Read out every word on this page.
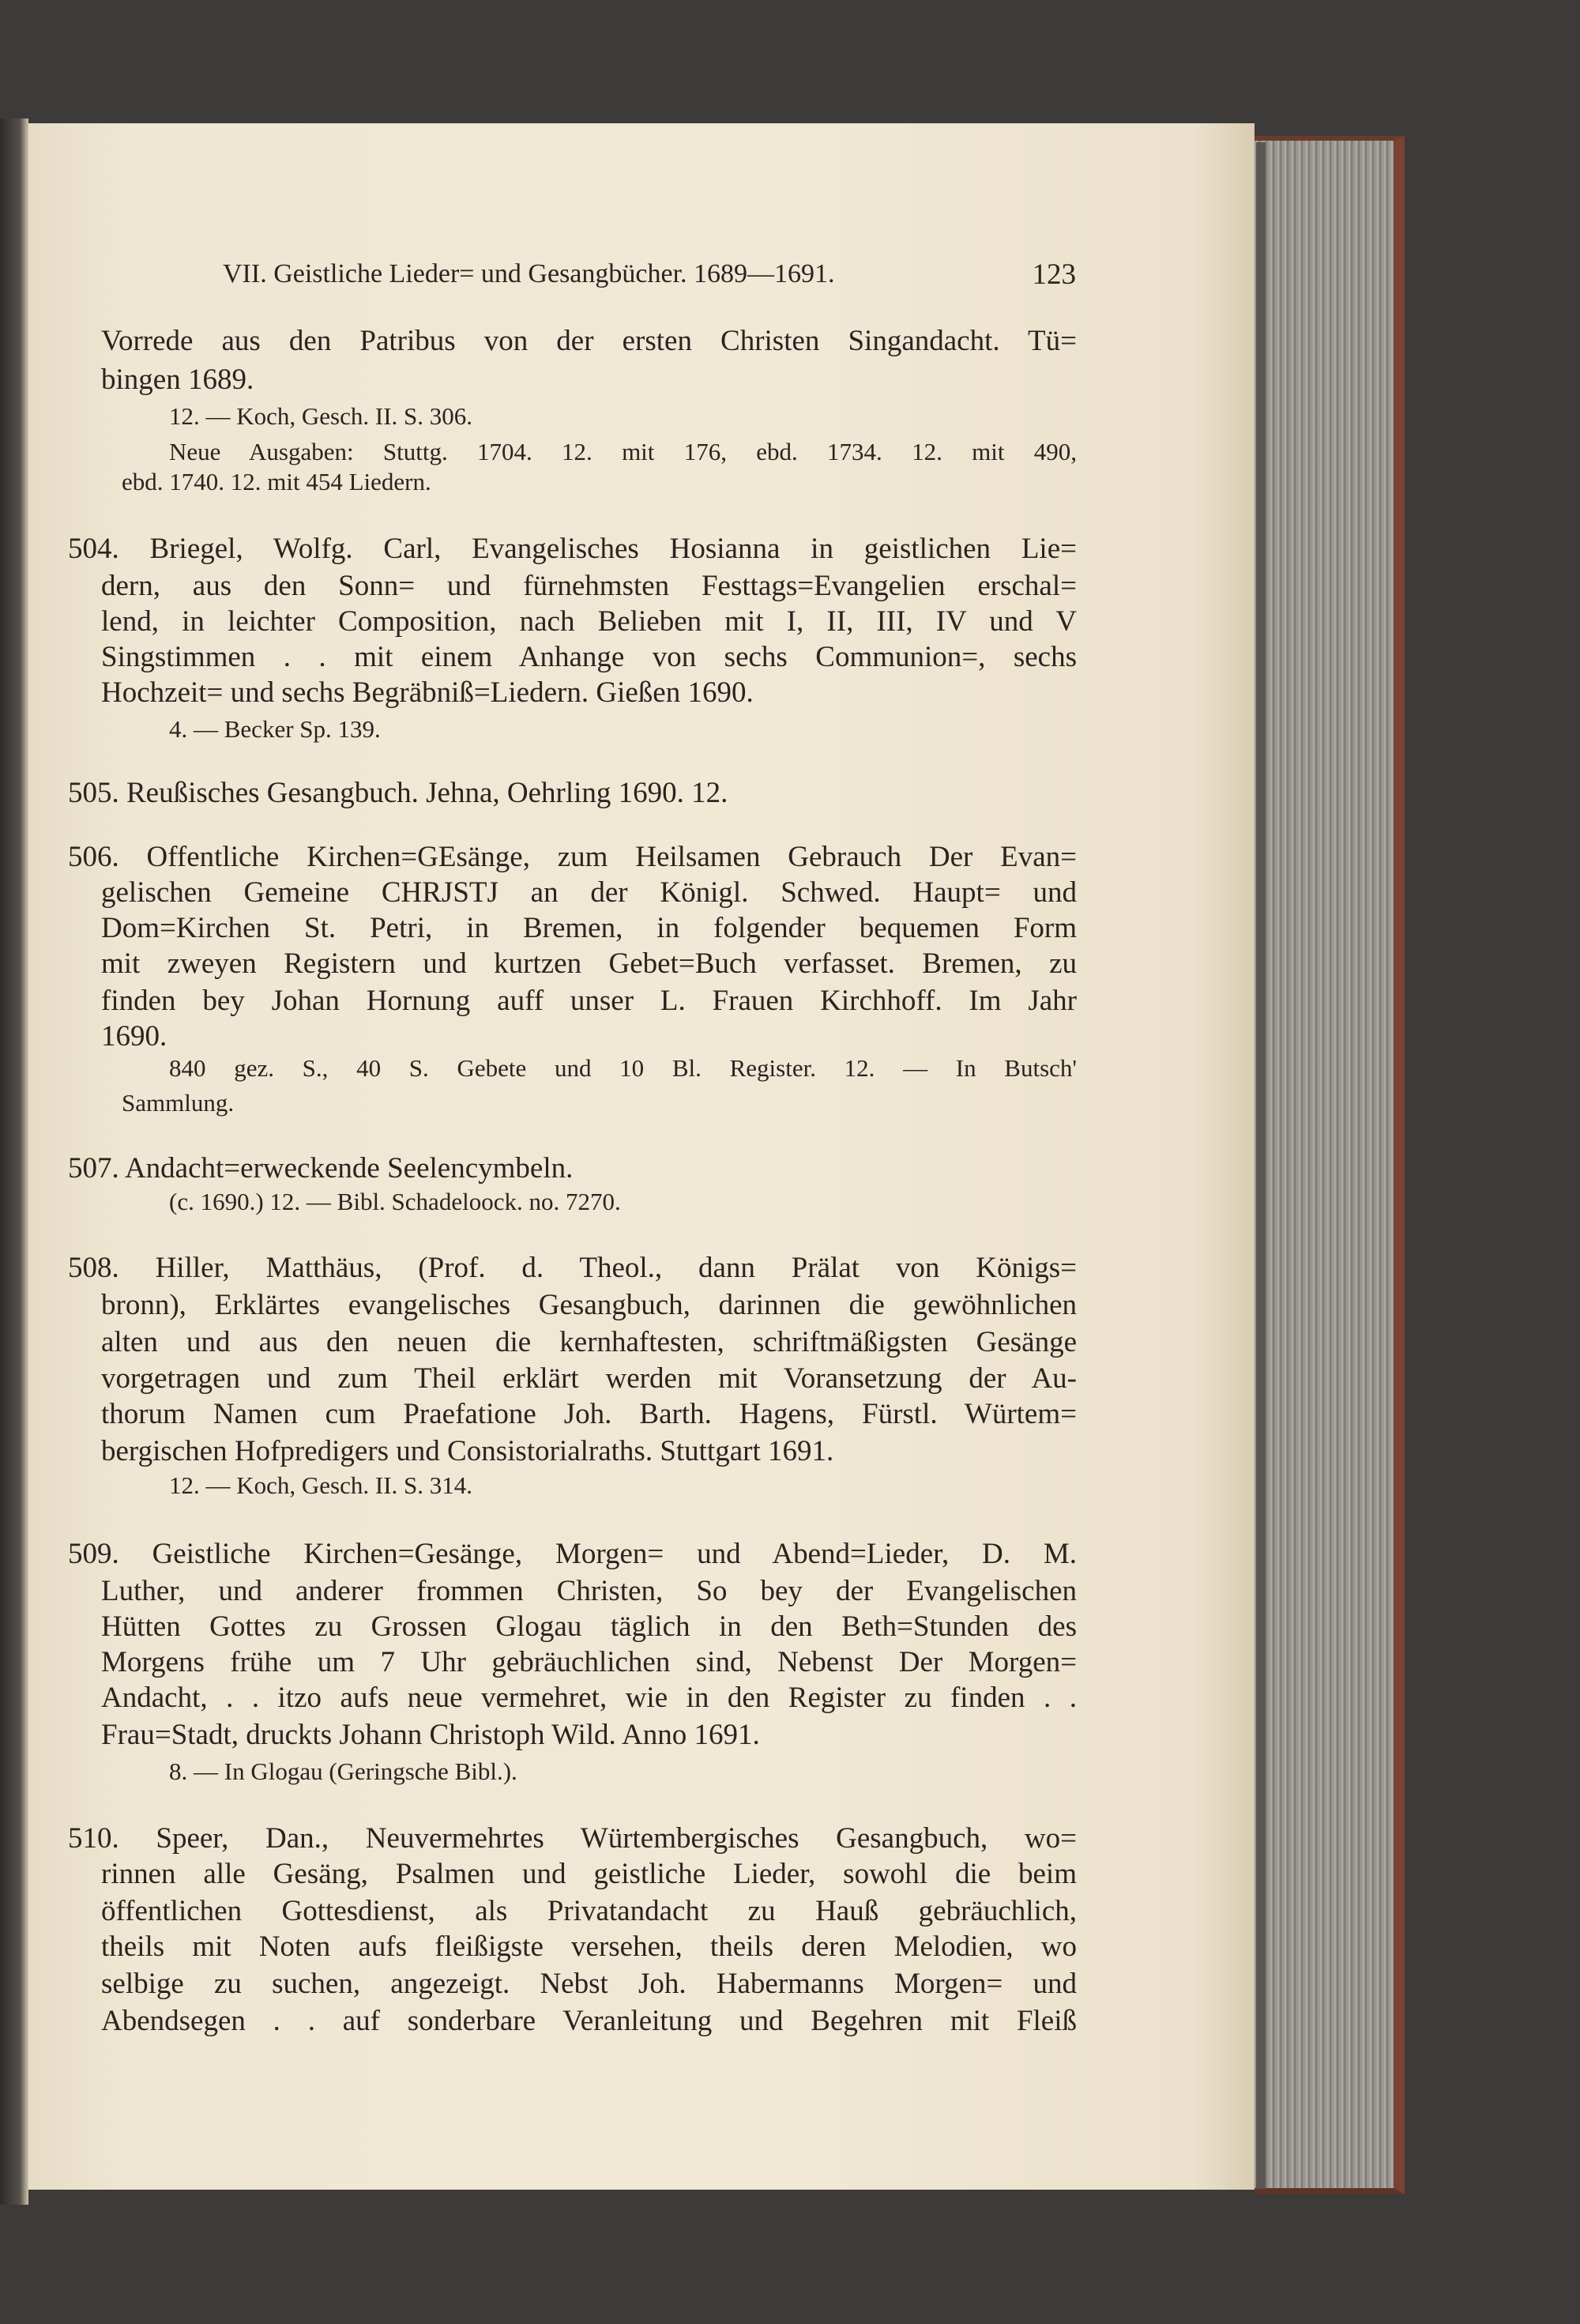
VII. Geistliche Lieder= und Gesangbücher. 1689—1691.	123
Vorrede aus den Patribus von der ersten Christen Singandacht. Tü=
bingen 1689.
12. — Koch, Gesch. II. S. 306.
Neue Ausgaben: Stuttg. 1704. 12. mit 176, ebd. 1734. 12. mit 490,
ebd. 1740. 12. mit 454 Liedern.
504. Briegel, Wolfg. Carl, Evangelisches Hosianna in geistlichen Lie=
dern, aus den Sonn= und fürnehmsten Festtags=Evangelien erschal=
lend, in leichter Composition, nach Belieben mit I, II, III, IV und V
Singstimmen . . mit einem Anhange von sechs Communion=, sechs
Hochzeit= und sechs Begräbniß=Liedern. Gießen 1690.
4. — Becker Sp. 139.
505. Reußisches Gesangbuch. Jehna, Oehrling 1690. 12.
506. Offentliche Kirchen=GEsänge, zum Heilsamen Gebrauch Der Evan=
gelischen Gemeine CHRJSTJ an der Königl. Schwed. Haupt= und
Dom=Kirchen St. Petri, in Bremen, in folgender bequemen Form
mit zweyen Registern und kurtzen Gebet=Buch verfasset. Bremen, zu
finden bey Johan Hornung auff unser L. Frauen Kirchhoff. Im Jahr
1690.
840 gez. S., 40 S. Gebete und 10 Bl. Register. 12. — In Butsch'
Sammlung.
507. Andacht=erweckende Seelencymbeln.
(c. 1690.) 12. — Bibl. Schadeloock. no. 7270.
508. Hiller, Matthäus, (Prof. d. Theol., dann Prälat von Königs=
bronn), Erklärtes evangelisches Gesangbuch, darinnen die gewöhnlichen
alten und aus den neuen die kernhaftesten, schriftmäßigsten Gesänge
vorgetragen und zum Theil erklärt werden mit Voransetzung der Au-
thorum Namen cum Praefatione Joh. Barth. Hagens, Fürstl. Würtem=
bergischen Hofpredigers und Consistorialraths. Stuttgart 1691.
12. — Koch, Gesch. II. S. 314.
509. Geistliche Kirchen=Gesänge, Morgen= und Abend=Lieder, D. M.
Luther, und anderer frommen Christen, So bey der Evangelischen
Hütten Gottes zu Grossen Glogau täglich in den Beth=Stunden des
Morgens frühe um 7 Uhr gebräuchlichen sind, Nebenst Der Morgen=
Andacht, . . itzo aufs neue vermehret, wie in den Register zu finden . .
Frau=Stadt, druckts Johann Christoph Wild. Anno 1691.
8. — In Glogau (Geringsche Bibl.).
510. Speer, Dan., Neuvermehrtes Würtembergisches Gesangbuch, wo=
rinnen alle Gesäng, Psalmen und geistliche Lieder, sowohl die beim
öffentlichen Gottesdienst, als Privatandacht zu Hauß gebräuchlich,
theils mit Noten aufs fleißigste versehen, theils deren Melodien, wo
selbige zu suchen, angezeigt. Nebst Joh. Habermanns Morgen= und
Abendsegen . . auf sonderbare Veranleitung und Begehren mit Fleiß
